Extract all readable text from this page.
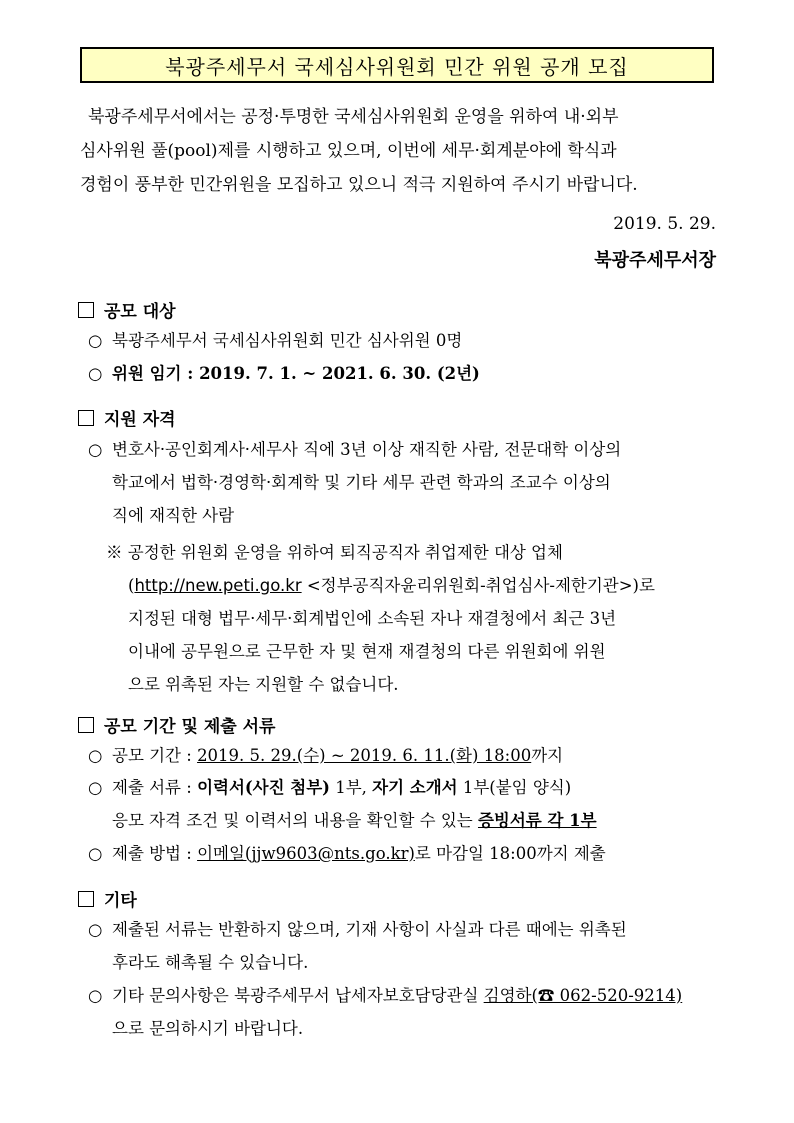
북광주세무서 국세심사위원회 민간 위원 공개 모집

북광주세무서에서는 공정·투명한 국세심사위원회 운영을 위하여 내·외부

심사위원 풀(pool)제를 시행하고 있으며, 이번에 세무·회계분야에 학식과

경험이 풍부한 민간위원을 모집하고 있으니 적극 지원하여 주시기 바랍니다.

2019. 5. 29.
북광주세무서장
공모 대상
○ 북광주세무서 국세심사위원회 민간 심사위원 0명
○ 위원 임기 : 2019. 7. 1. ~ 2021. 6. 30. (2년)
지원 자격
○ 변호사·공인회계사·세무사 직에 3년 이상 재직한 사람, 전문대학 이상의
학교에서 법학·경영학·회계학 및 기타 세무 관련 학과의 조교수 이상의
직에 재직한 사람
※ 공정한 위원회 운영을 위하여 퇴직공직자 취업제한 대상 업체
(http://new.peti.go.kr <정부공직자윤리위원회-취업심사-제한기관>)로
지정된 대형 법무·세무·회계법인에 소속된 자나 재결청에서 최근 3년
이내에 공무원으로 근무한 자 및 현재 재결청의 다른 위원회에 위원
으로 위촉된 자는 지원할 수 없습니다.
공모 기간 및 제출 서류
○ 공모 기간 : 2019. 5. 29.(수) ~ 2019. 6. 11.(화) 18:00까지
○ 제출 서류 : 이력서(사진 첨부) 1부, 자기 소개서 1부(붙임 양식)
응모 자격 조건 및 이력서의 내용을 확인할 수 있는 증빙서류 각 1부
○ 제출 방법 : 이메일(jjw9603@nts.go.kr)로 마감일 18:00까지 제출
기타
○ 제출된 서류는 반환하지 않으며, 기재 사항이 사실과 다른 때에는 위촉된
후라도 해촉될 수 있습니다.
○ 기타 문의사항은 북광주세무서 납세자보호담당관실 김영하(☎ 062-520-9214)
으로 문의하시기 바랍니다.
